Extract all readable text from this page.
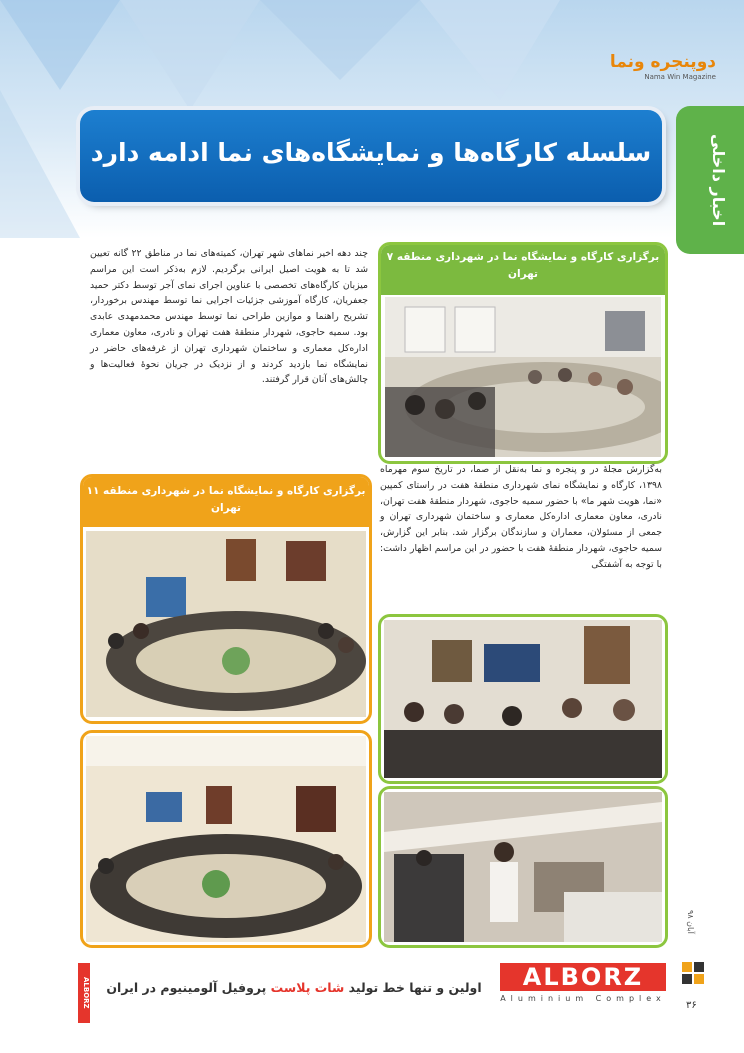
دوپنجره ونما
Nama Win Magazine
سلسله کارگاه‌ها و نمایشگاه‌های نما ادامه دارد	اخبار داخلی
چند دهه اخیر نماهای شهر تهران، کمیته‌های نما در مناطق ۲۲ گانه تعیین شد تا به هویت اصیل ایرانی برگردیم. لازم به‌ذکر است این مراسم میزبان کارگاه‌های تخصصی با عناوین اجرای نمای آجر توسط دکتر حمید جعفریان، کارگاه آموزشی جزئیات اجرایی نما توسط مهندس برخوردار، تشریح راهنما و موازین طراحی نما توسط مهندس محمدمهدی عابدی بود. سمیه حاجوی، شهردار منطقهٔ هفت تهران و نادری، معاون معماری اداره‌کل معماری و ساختمان شهرداری تهران از غرفه‌های حاضر در نمایشگاه نما بازدید کردند و از نزدیک در جریان نحوهٔ فعالیت‌ها و چالش‌های آنان قرار گرفتند.
برگزاری کارگاه و نمایشگاه نما در شهرداری منطقه ۷ تهران
به‌گزارش مجلهٔ در و پنجره و نما به‌نقل از صما، در تاریخ سوم مهرماه ۱۳۹۸، کارگاه و نمایشگاه نمای شهرداری منطقهٔ هفت در راستای کمپین «نما، هویت شهر ما» با حضور سمیه حاجوی، شهردار منطقهٔ هفت تهران، نادری، معاون معماری اداره‌کل معماری و ساختمان شهرداری تهران و جمعی از مسئولان، معماران و سازندگان برگزار شد. بنابر این گزارش، سمیه حاجوی، شهردار منطقهٔ هفت با حضور در این مراسم اظهار داشت: با توجه به آشفتگی
برگزاری کارگاه و نمایشگاه نما در شهرداری منطقه ۱۱ تهران
ALBORZ	اولین و تنها خط تولید شات پلاست پروفیل آلومینیوم در ایران	ALBORZ
Aluminium Complex
آبان ۹۸
۳۶
